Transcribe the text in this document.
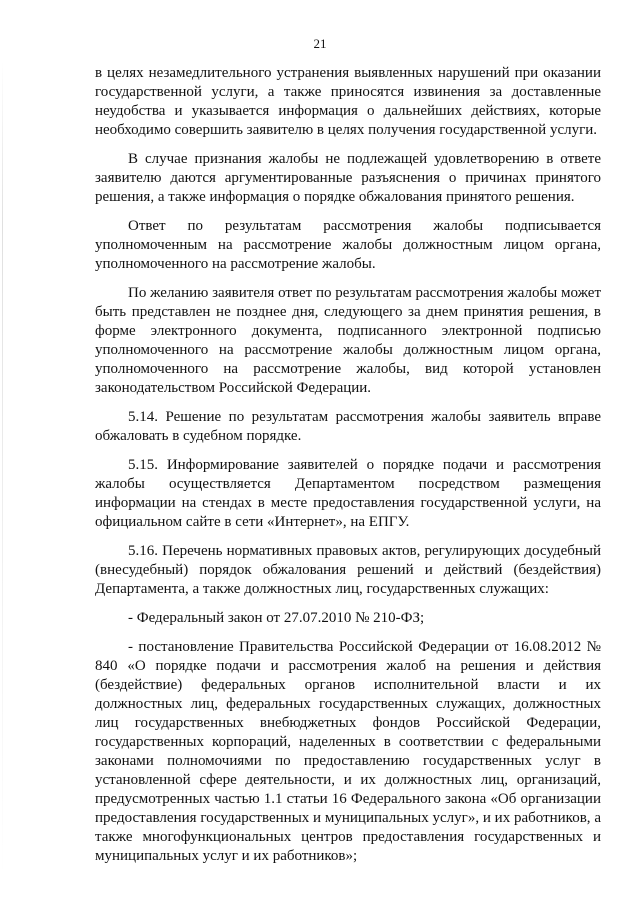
21

в целях незамедлительного устранения выявленных нарушений при оказании государственной услуги, а также приносятся извинения за доставленные неудобства и указывается информация о дальнейших действиях, которые необходимо совершить заявителю в целях получения государственной услуги.

В случае признания жалобы не подлежащей удовлетворению в ответе заявителю даются аргументированные разъяснения о причинах принятого решения, а также информация о порядке обжалования принятого решения.

Ответ по результатам рассмотрения жалобы подписывается уполномоченным на рассмотрение жалобы должностным лицом органа, уполномоченного на рассмотрение жалобы.

По желанию заявителя ответ по результатам рассмотрения жалобы может быть представлен не позднее дня, следующего за днем принятия решения, в форме электронного документа, подписанного электронной подписью уполномоченного на рассмотрение жалобы должностным лицом органа, уполномоченного на рассмотрение жалобы, вид которой установлен законодательством Российской Федерации.

5.14. Решение по результатам рассмотрения жалобы заявитель вправе обжаловать в судебном порядке.

5.15. Информирование заявителей о порядке подачи и рассмотрения жалобы осуществляется Департаментом посредством размещения информации на стендах в месте предоставления государственной услуги, на официальном сайте в сети «Интернет», на ЕПГУ.

5.16. Перечень нормативных правовых актов, регулирующих досудебный (внесудебный) порядок обжалования решений и действий (бездействия) Департамента, а также должностных лиц, государственных служащих:

- Федеральный закон от 27.07.2010 № 210-ФЗ;

- постановление Правительства Российской Федерации от 16.08.2012 № 840 «О порядке подачи и рассмотрения жалоб на решения и действия (бездействие) федеральных органов исполнительной власти и их должностных лиц, федеральных государственных служащих, должностных лиц государственных внебюджетных фондов Российской Федерации, государственных корпораций, наделенных в соответствии с федеральными законами полномочиями по предоставлению государственных услуг в установленной сфере деятельности, и их должностных лиц, организаций, предусмотренных частью 1.1 статьи 16 Федерального закона «Об организации предоставления государственных и муниципальных услуг», и их работников, а также многофункциональных центров предоставления государственных и муниципальных услуг и их работников»;
